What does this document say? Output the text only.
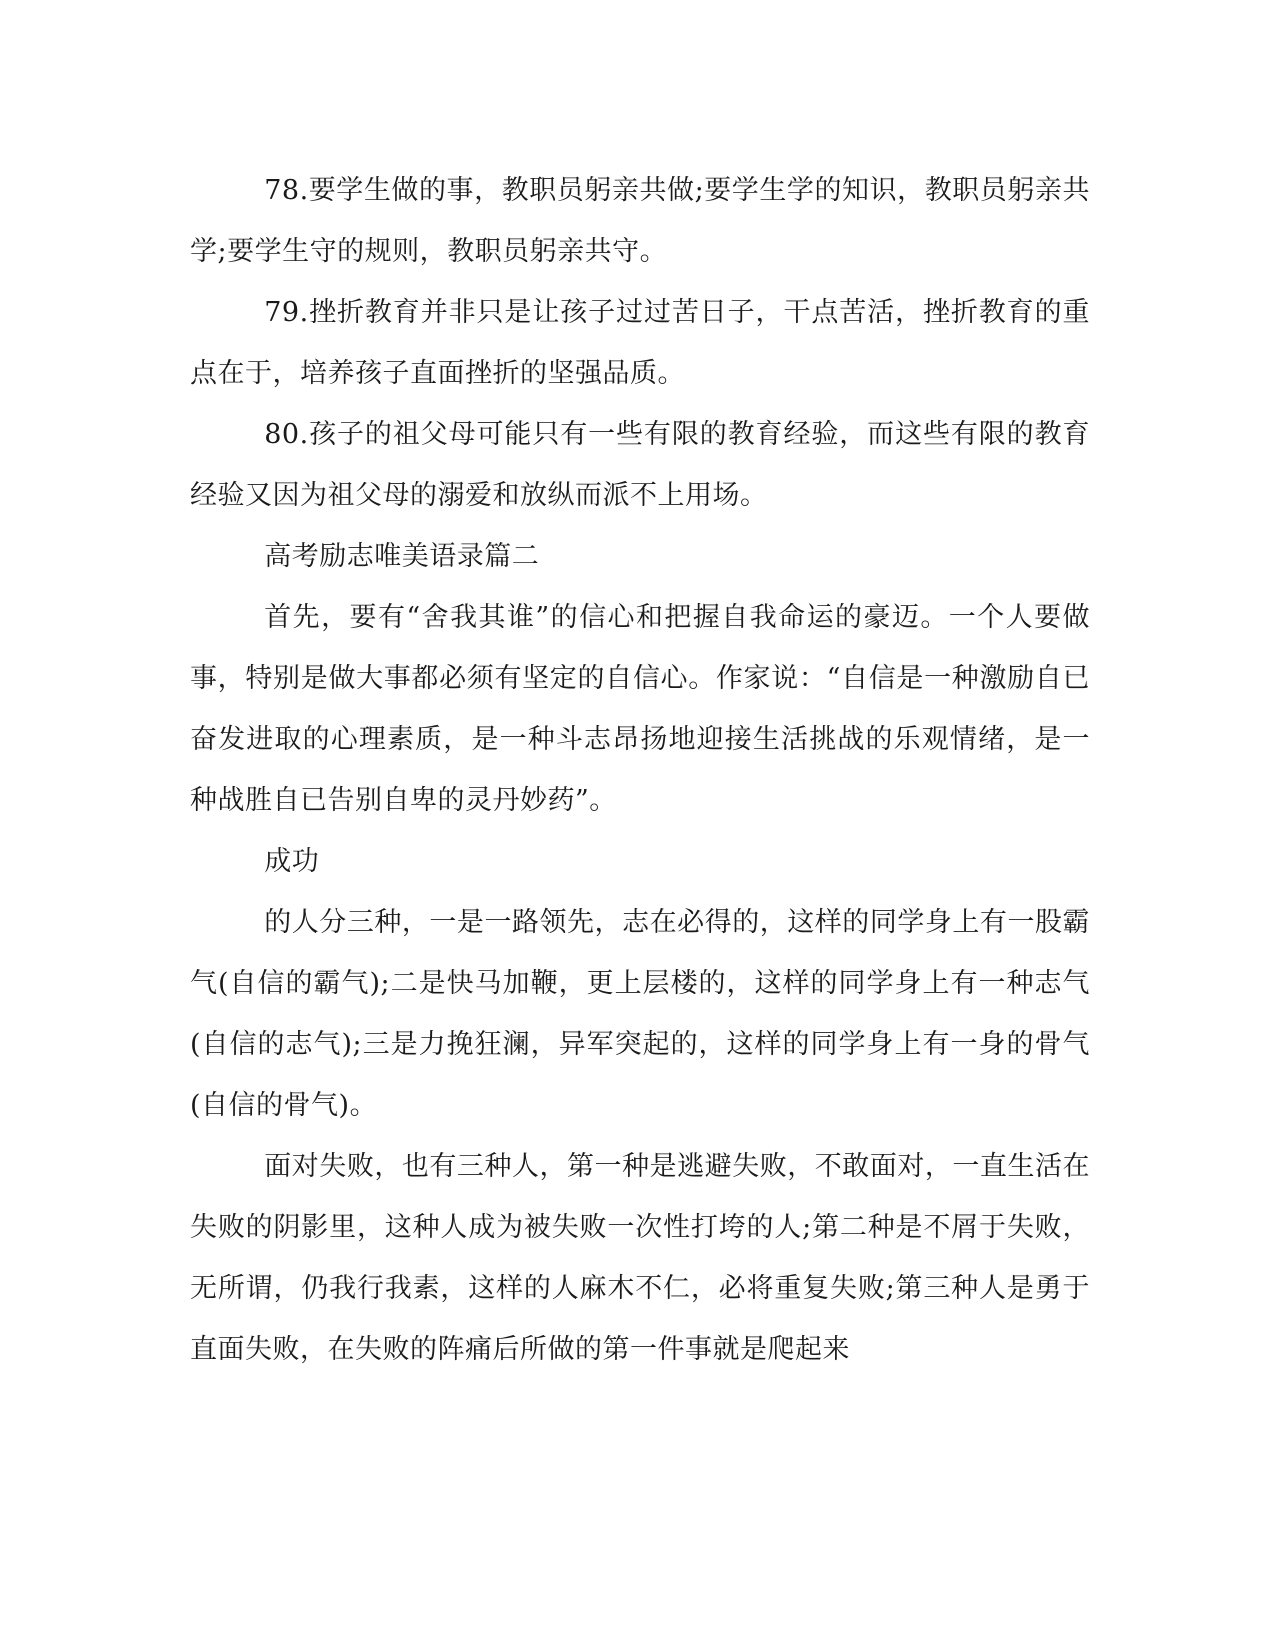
78.要学生做的事，教职员躬亲共做;要学生学的知识，教职员躬亲共学;要学生守的规则，教职员躬亲共守。

79.挫折教育并非只是让孩子过过苦日子，干点苦活，挫折教育的重点在于，培养孩子直面挫折的坚强品质。

80.孩子的祖父母可能只有一些有限的教育经验，而这些有限的教育经验又因为祖父母的溺爱和放纵而派不上用场。

高考励志唯美语录篇二

首先，要有“舍我其谁”的信心和把握自我命运的豪迈。一个人要做事，特别是做大事都必须有坚定的自信心。作家说：“自信是一种激励自已奋发进取的心理素质，是一种斗志昂扬地迎接生活挑战的乐观情绪，是一种战胜自已告别自卑的灵丹妙药”。

成功

的人分三种，一是一路领先，志在必得的，这样的同学身上有一股霸气(自信的霸气);二是快马加鞭，更上层楼的，这样的同学身上有一种志气(自信的志气);三是力挽狂澜，异军突起的，这样的同学身上有一身的骨气(自信的骨气)。

面对失败，也有三种人，第一种是逃避失败，不敢面对，一直生活在失败的阴影里，这种人成为被失败一次性打垮的人;第二种是不屑于失败，无所谓，仍我行我素，这样的人麻木不仁，必将重复失败;第三种人是勇于直面失败，在失败的阵痛后所做的第一件事就是爬起来
